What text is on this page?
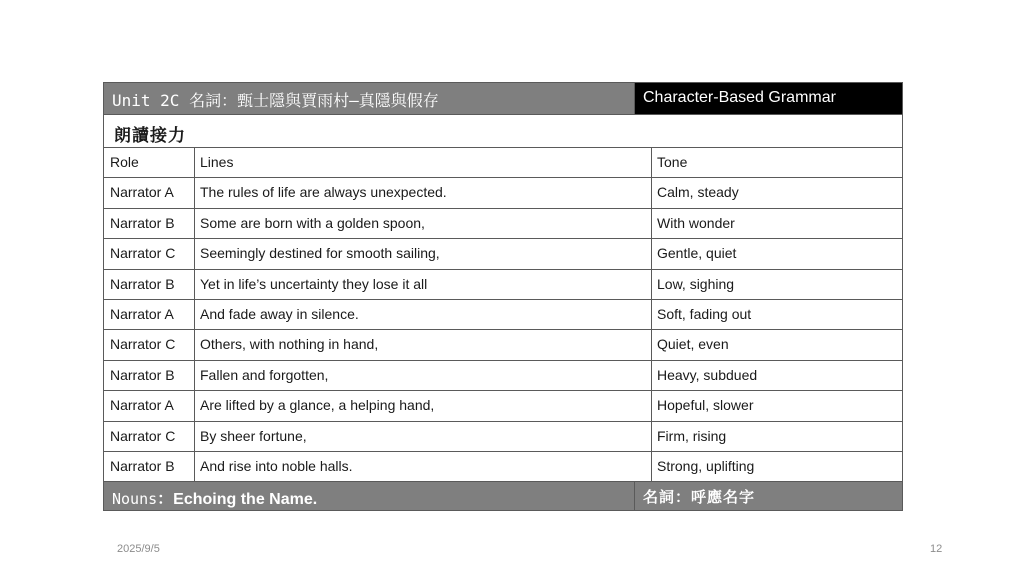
Unit 2C 名詞：甄士隱與賈雨村—真隱與假存	Character-Based Grammar
朗讀接力
Role	Lines	Tone
Narrator A	The rules of life are always unexpected.	Calm, steady
Narrator B	Some are born with a golden spoon,	With wonder
Narrator C	Seemingly destined for smooth sailing,	Gentle, quiet
Narrator B	Yet in life’s uncertainty they lose it all	Low, sighing
Narrator A	And fade away in silence.	Soft, fading out
Narrator C	Others, with nothing in hand,	Quiet, even
Narrator B	Fallen and forgotten,	Heavy, subdued
Narrator A	Are lifted by a glance, a helping hand,	Hopeful, slower
Narrator C	By sheer fortune,	Firm, rising
Narrator B	And rise into noble halls.	Strong, uplifting
Nouns：Echoing the Name.	名詞：呼應名字
2025/9/5	12
